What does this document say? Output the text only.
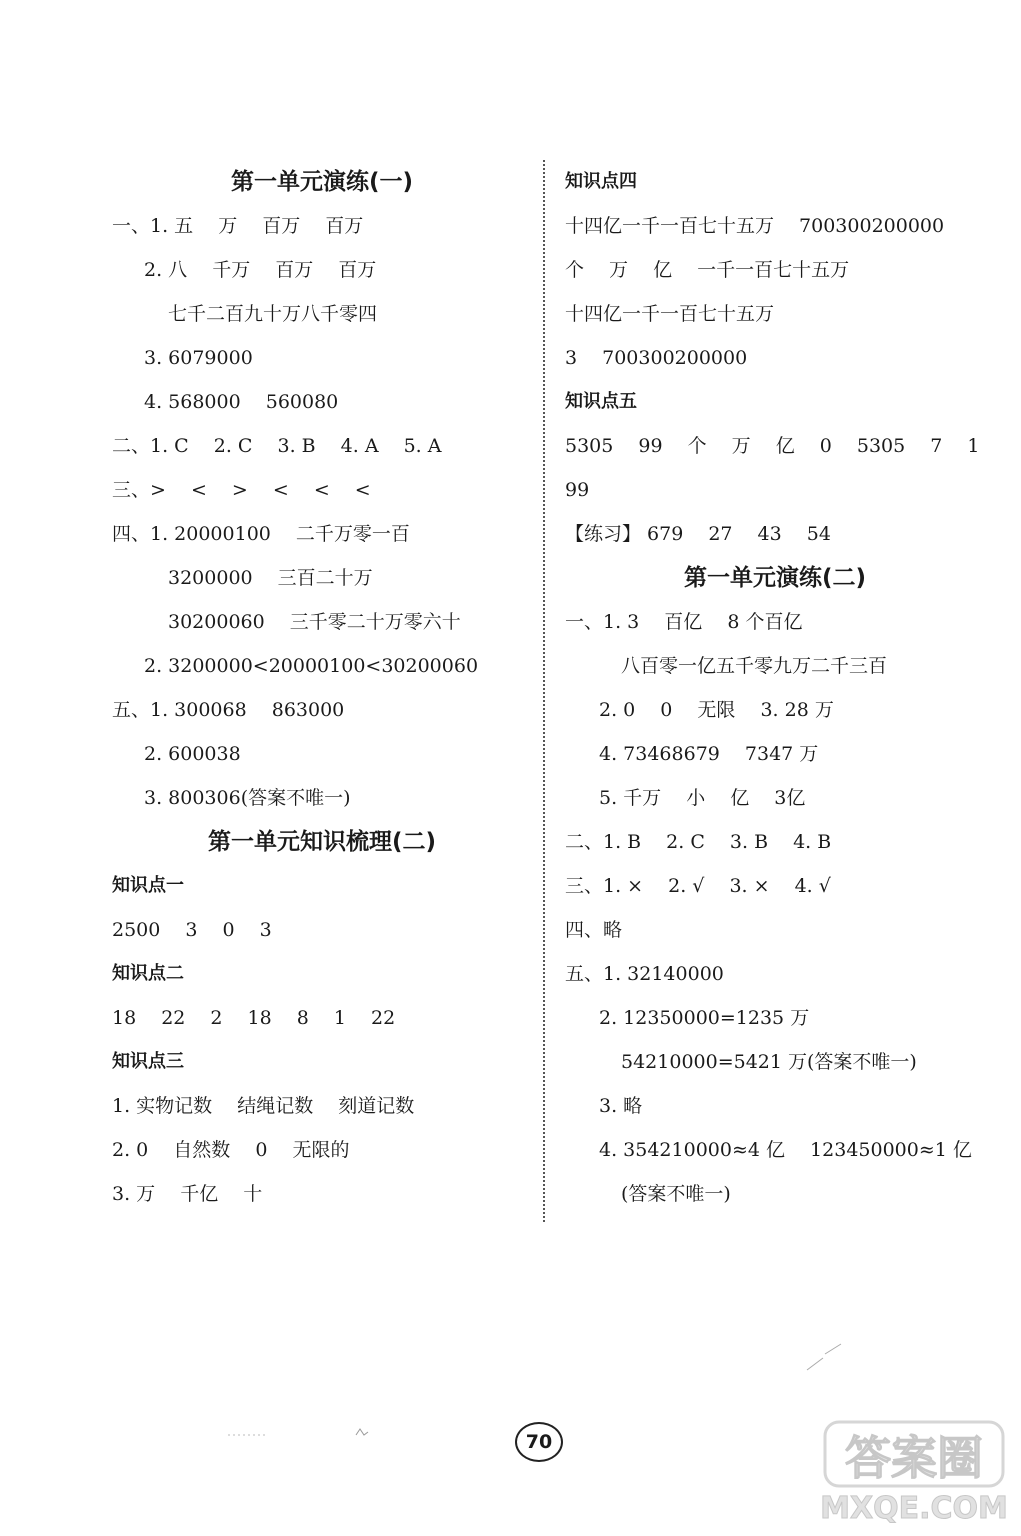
第一单元演练(一)
一、1. 五　 万　 百万　 百万
2. 八　 千万　 百万　 百万
七千二百九十万八千零四
3. 6079000
4. 568000　 560080
二、1. C　 2. C　 3. B　 4. A　 5. A
三、>　 <　 >　 <　 <　 <
四、1. 20000100　 二千万零一百
3200000　 三百二十万
30200060　 三千零二十万零六十
2. 3200000<20000100<30200060
五、1. 300068　 863000
2. 600038
3. 800306(答案不唯一)
第一单元知识梳理(二)
知识点一
2500　 3　 0　 3
知识点二
18　 22　 2　 18　 8　 1　 22
知识点三
1. 实物记数　 结绳记数　 刻道记数
2. 0　 自然数　 0　 无限的
3. 万　 千亿　 十
知识点四
十四亿一千一百七十五万　 700300200000
个　 万　 亿　 一千一百七十五万
十四亿一千一百七十五万
3　 700300200000
知识点五
5305　 99　 个　 万　 亿　 0　 5305　 7　 1
99
【练习】 679　 27　 43　 54
第一单元演练(二)
一、1. 3　 百亿　 8 个百亿
八百零一亿五千零九万二千三百
2. 0　 0　 无限　 3. 28 万
4. 73468679　 7347 万
5. 千万　 小　 亿　 3亿
二、1. B　 2. C　 3. B　 4. B
三、1. ×　 2. √　 3. ×　 4. √
四、略
五、1. 32140000
2. 12350000=1235 万
54210000=5421 万(答案不唯一)
3. 略
4. 354210000≈4 亿　 123450000≈1 亿
(答案不唯一)
70	答案圈
MXQE.COM
